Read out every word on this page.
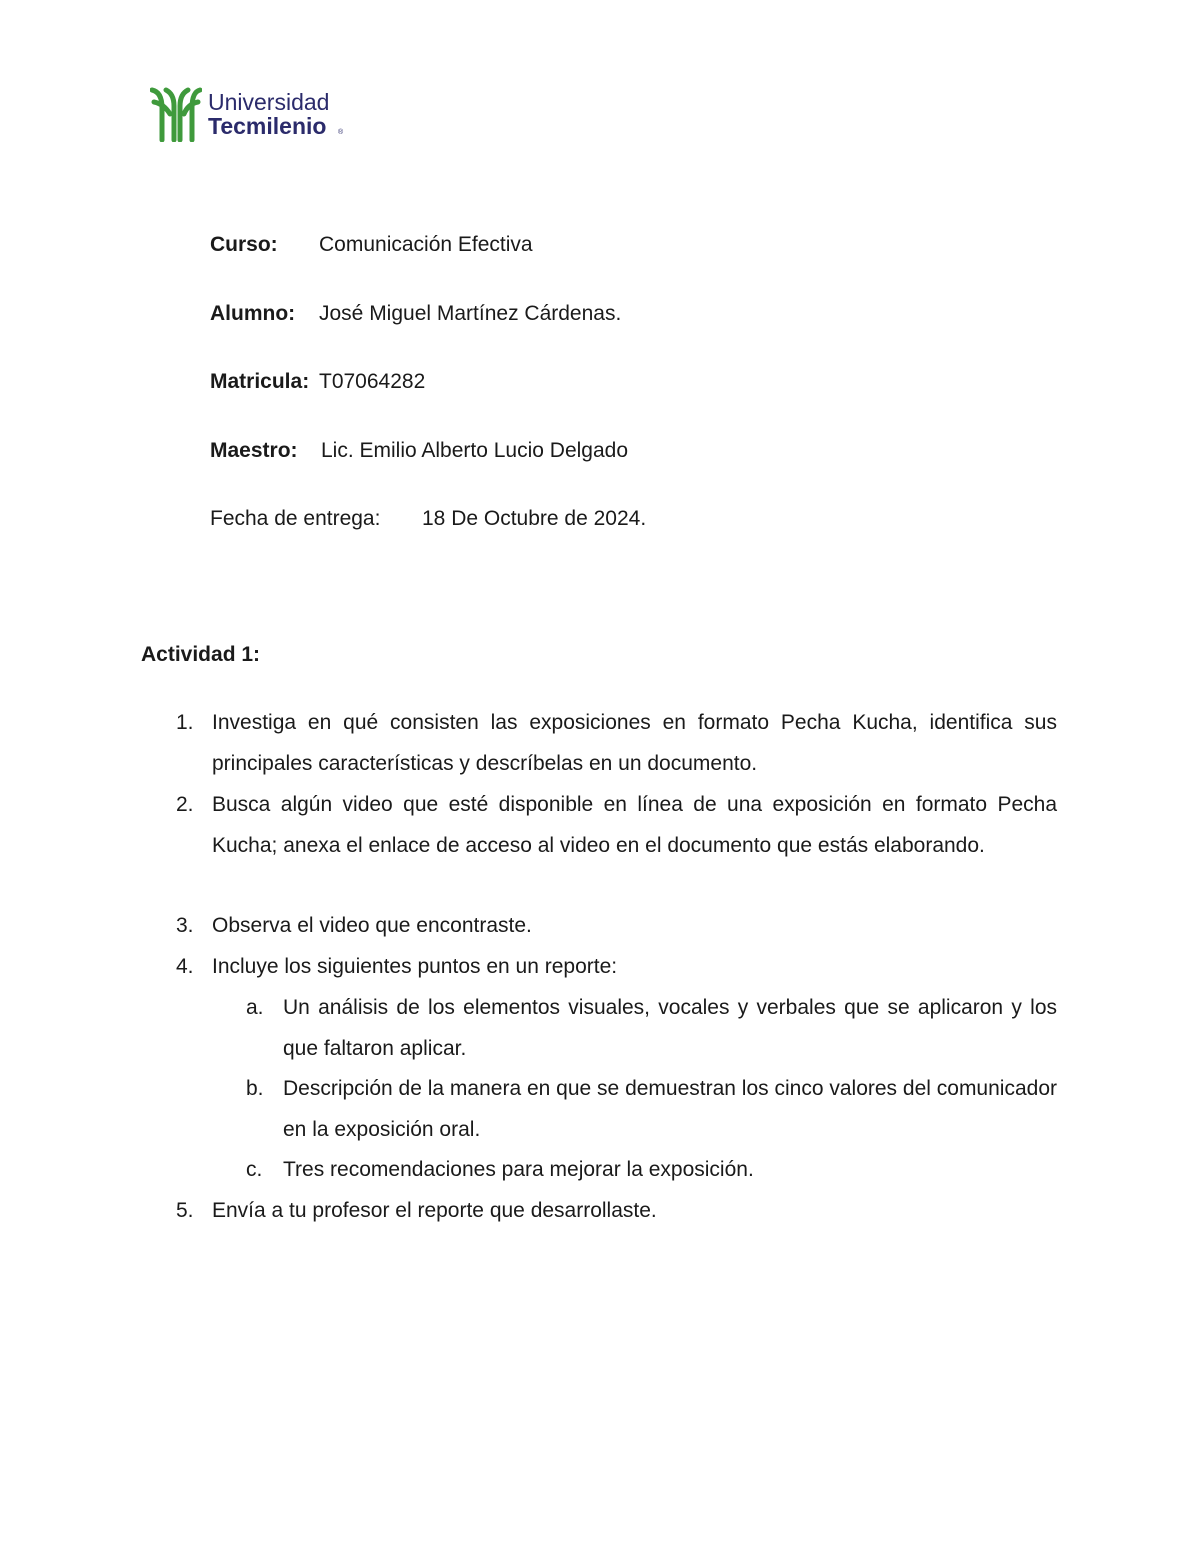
Universidad
Tecmilenio ®
Curso: Comunicación Efectiva
Alumno: José Miguel Martínez Cárdenas.
Matricula: T07064282
Maestro: Lic. Emilio Alberto Lucio Delgado
Fecha de entrega: 18 De Octubre de 2024.
Actividad 1:
1. Investiga en qué consisten las exposiciones en formato Pecha Kucha, identifica sus principales características y descríbelas en un documento.
2. Busca algún video que esté disponible en línea de una exposición en formato Pecha Kucha; anexa el enlace de acceso al video en el documento que estás elaborando.
3. Observa el video que encontraste.
4. Incluye los siguientes puntos en un reporte:
a. Un análisis de los elementos visuales, vocales y verbales que se aplicaron y los que faltaron aplicar.
b. Descripción de la manera en que se demuestran los cinco valores del comunicador en la exposición oral.
c. Tres recomendaciones para mejorar la exposición.
5. Envía a tu profesor el reporte que desarrollaste.
